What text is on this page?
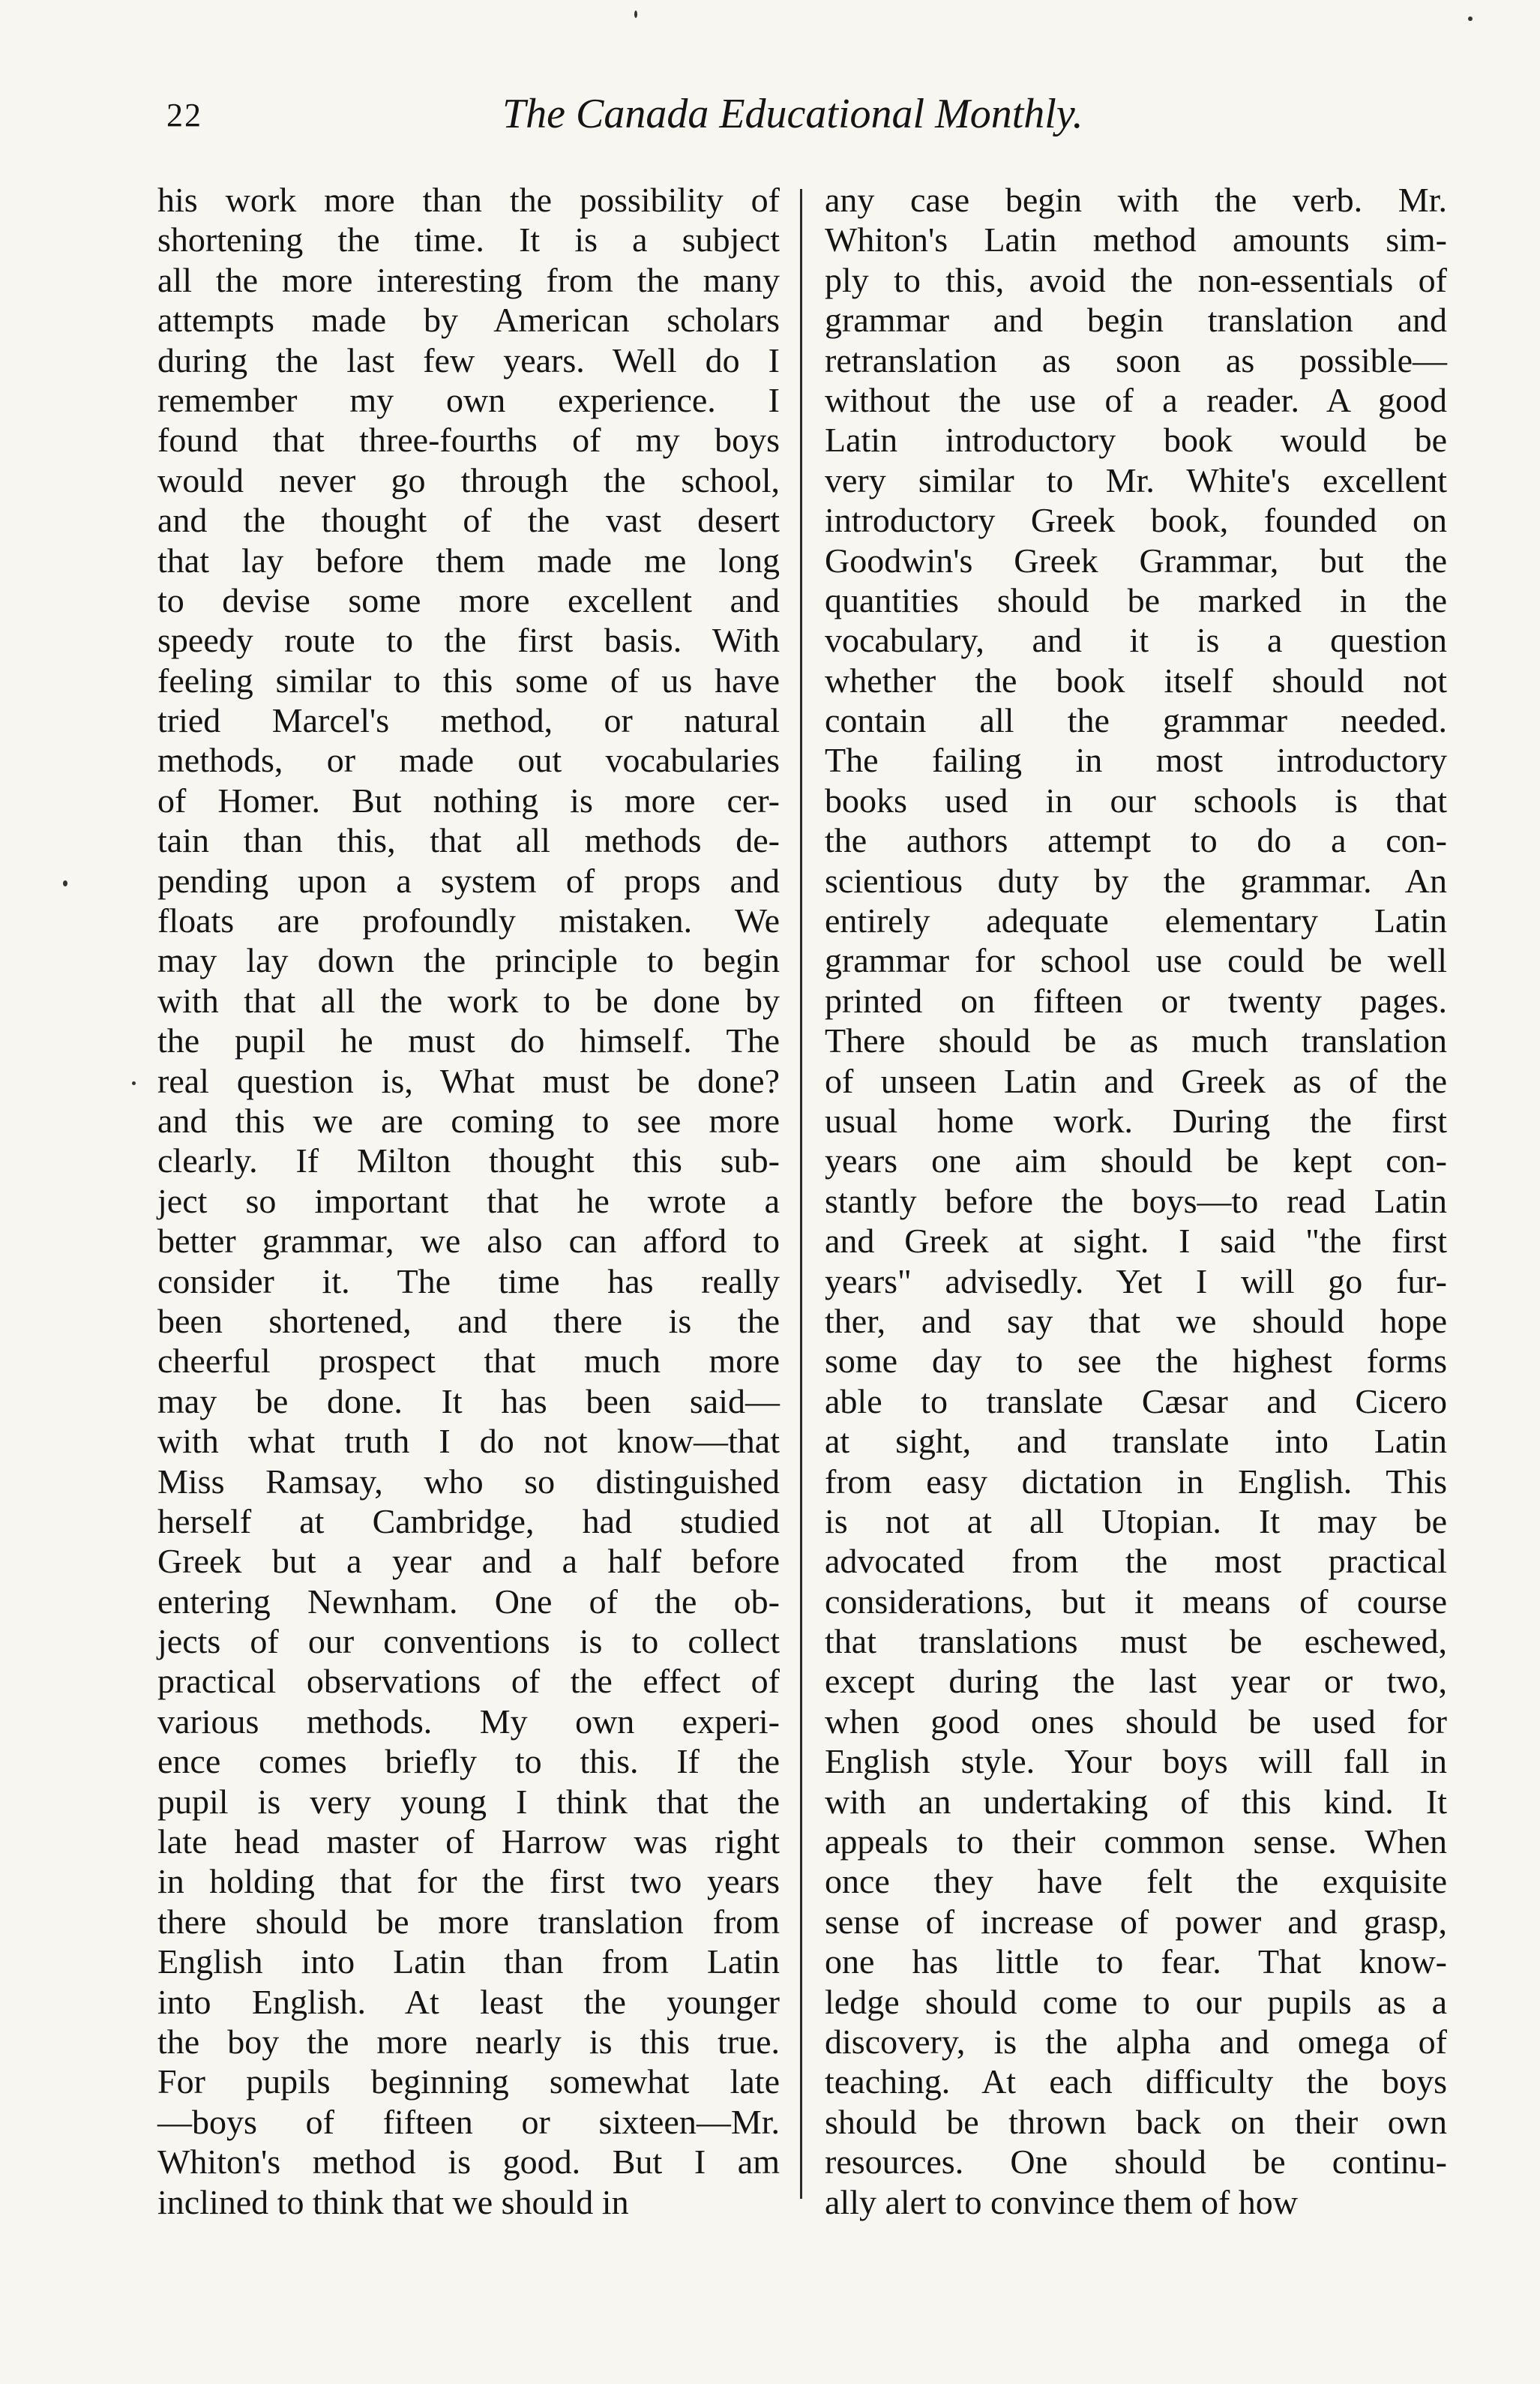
22	The Canada Educational Monthly.
his work more than the possibility of
shortening the time. It is a subject
all the more interesting from the many
attempts made by American scholars
during the last few years. Well do I
remember my own experience. I
found that three-fourths of my boys
would never go through the school,
and the thought of the vast desert
that lay before them made me long
to devise some more excellent and
speedy route to the first basis. With
feeling similar to this some of us have
tried Marcel's method, or natural
methods, or made out vocabularies
of Homer. But nothing is more cer-
tain than this, that all methods de-
pending upon a system of props and
floats are profoundly mistaken. We
may lay down the principle to begin
with that all the work to be done by
the pupil he must do himself. The
real question is, What must be done?
and this we are coming to see more
clearly. If Milton thought this sub-
ject so important that he wrote a
better grammar, we also can afford to
consider it. The time has really
been shortened, and there is the
cheerful prospect that much more
may be done. It has been said—
with what truth I do not know—that
Miss Ramsay, who so distinguished
herself at Cambridge, had studied
Greek but a year and a half before
entering Newnham. One of the ob-
jects of our conventions is to collect
practical observations of the effect of
various methods. My own experi-
ence comes briefly to this. If the
pupil is very young I think that the
late head master of Harrow was right
in holding that for the first two years
there should be more translation from
English into Latin than from Latin
into English. At least the younger
the boy the more nearly is this true.
For pupils beginning somewhat late
—boys of fifteen or sixteen—Mr.
Whiton's method is good. But I am
inclined to think that we should in
any case begin with the verb. Mr.
Whiton's Latin method amounts sim-
ply to this, avoid the non-essentials of
grammar and begin translation and
retranslation as soon as possible—
without the use of a reader. A good
Latin introductory book would be
very similar to Mr. White's excellent
introductory Greek book, founded on
Goodwin's Greek Grammar, but the
quantities should be marked in the
vocabulary, and it is a question
whether the book itself should not
contain all the grammar needed.
The failing in most introductory
books used in our schools is that
the authors attempt to do a con-
scientious duty by the grammar. An
entirely adequate elementary Latin
grammar for school use could be well
printed on fifteen or twenty pages.
There should be as much translation
of unseen Latin and Greek as of the
usual home work. During the first
years one aim should be kept con-
stantly before the boys—to read Latin
and Greek at sight. I said "the first
years" advisedly. Yet I will go fur-
ther, and say that we should hope
some day to see the highest forms
able to translate Cæsar and Cicero
at sight, and translate into Latin
from easy dictation in English. This
is not at all Utopian. It may be
advocated from the most practical
considerations, but it means of course
that translations must be eschewed,
except during the last year or two,
when good ones should be used for
English style. Your boys will fall in
with an undertaking of this kind. It
appeals to their common sense. When
once they have felt the exquisite
sense of increase of power and grasp,
one has little to fear. That know-
ledge should come to our pupils as a
discovery, is the alpha and omega of
teaching. At each difficulty the boys
should be thrown back on their own
resources. One should be continu-
ally alert to convince them of how
